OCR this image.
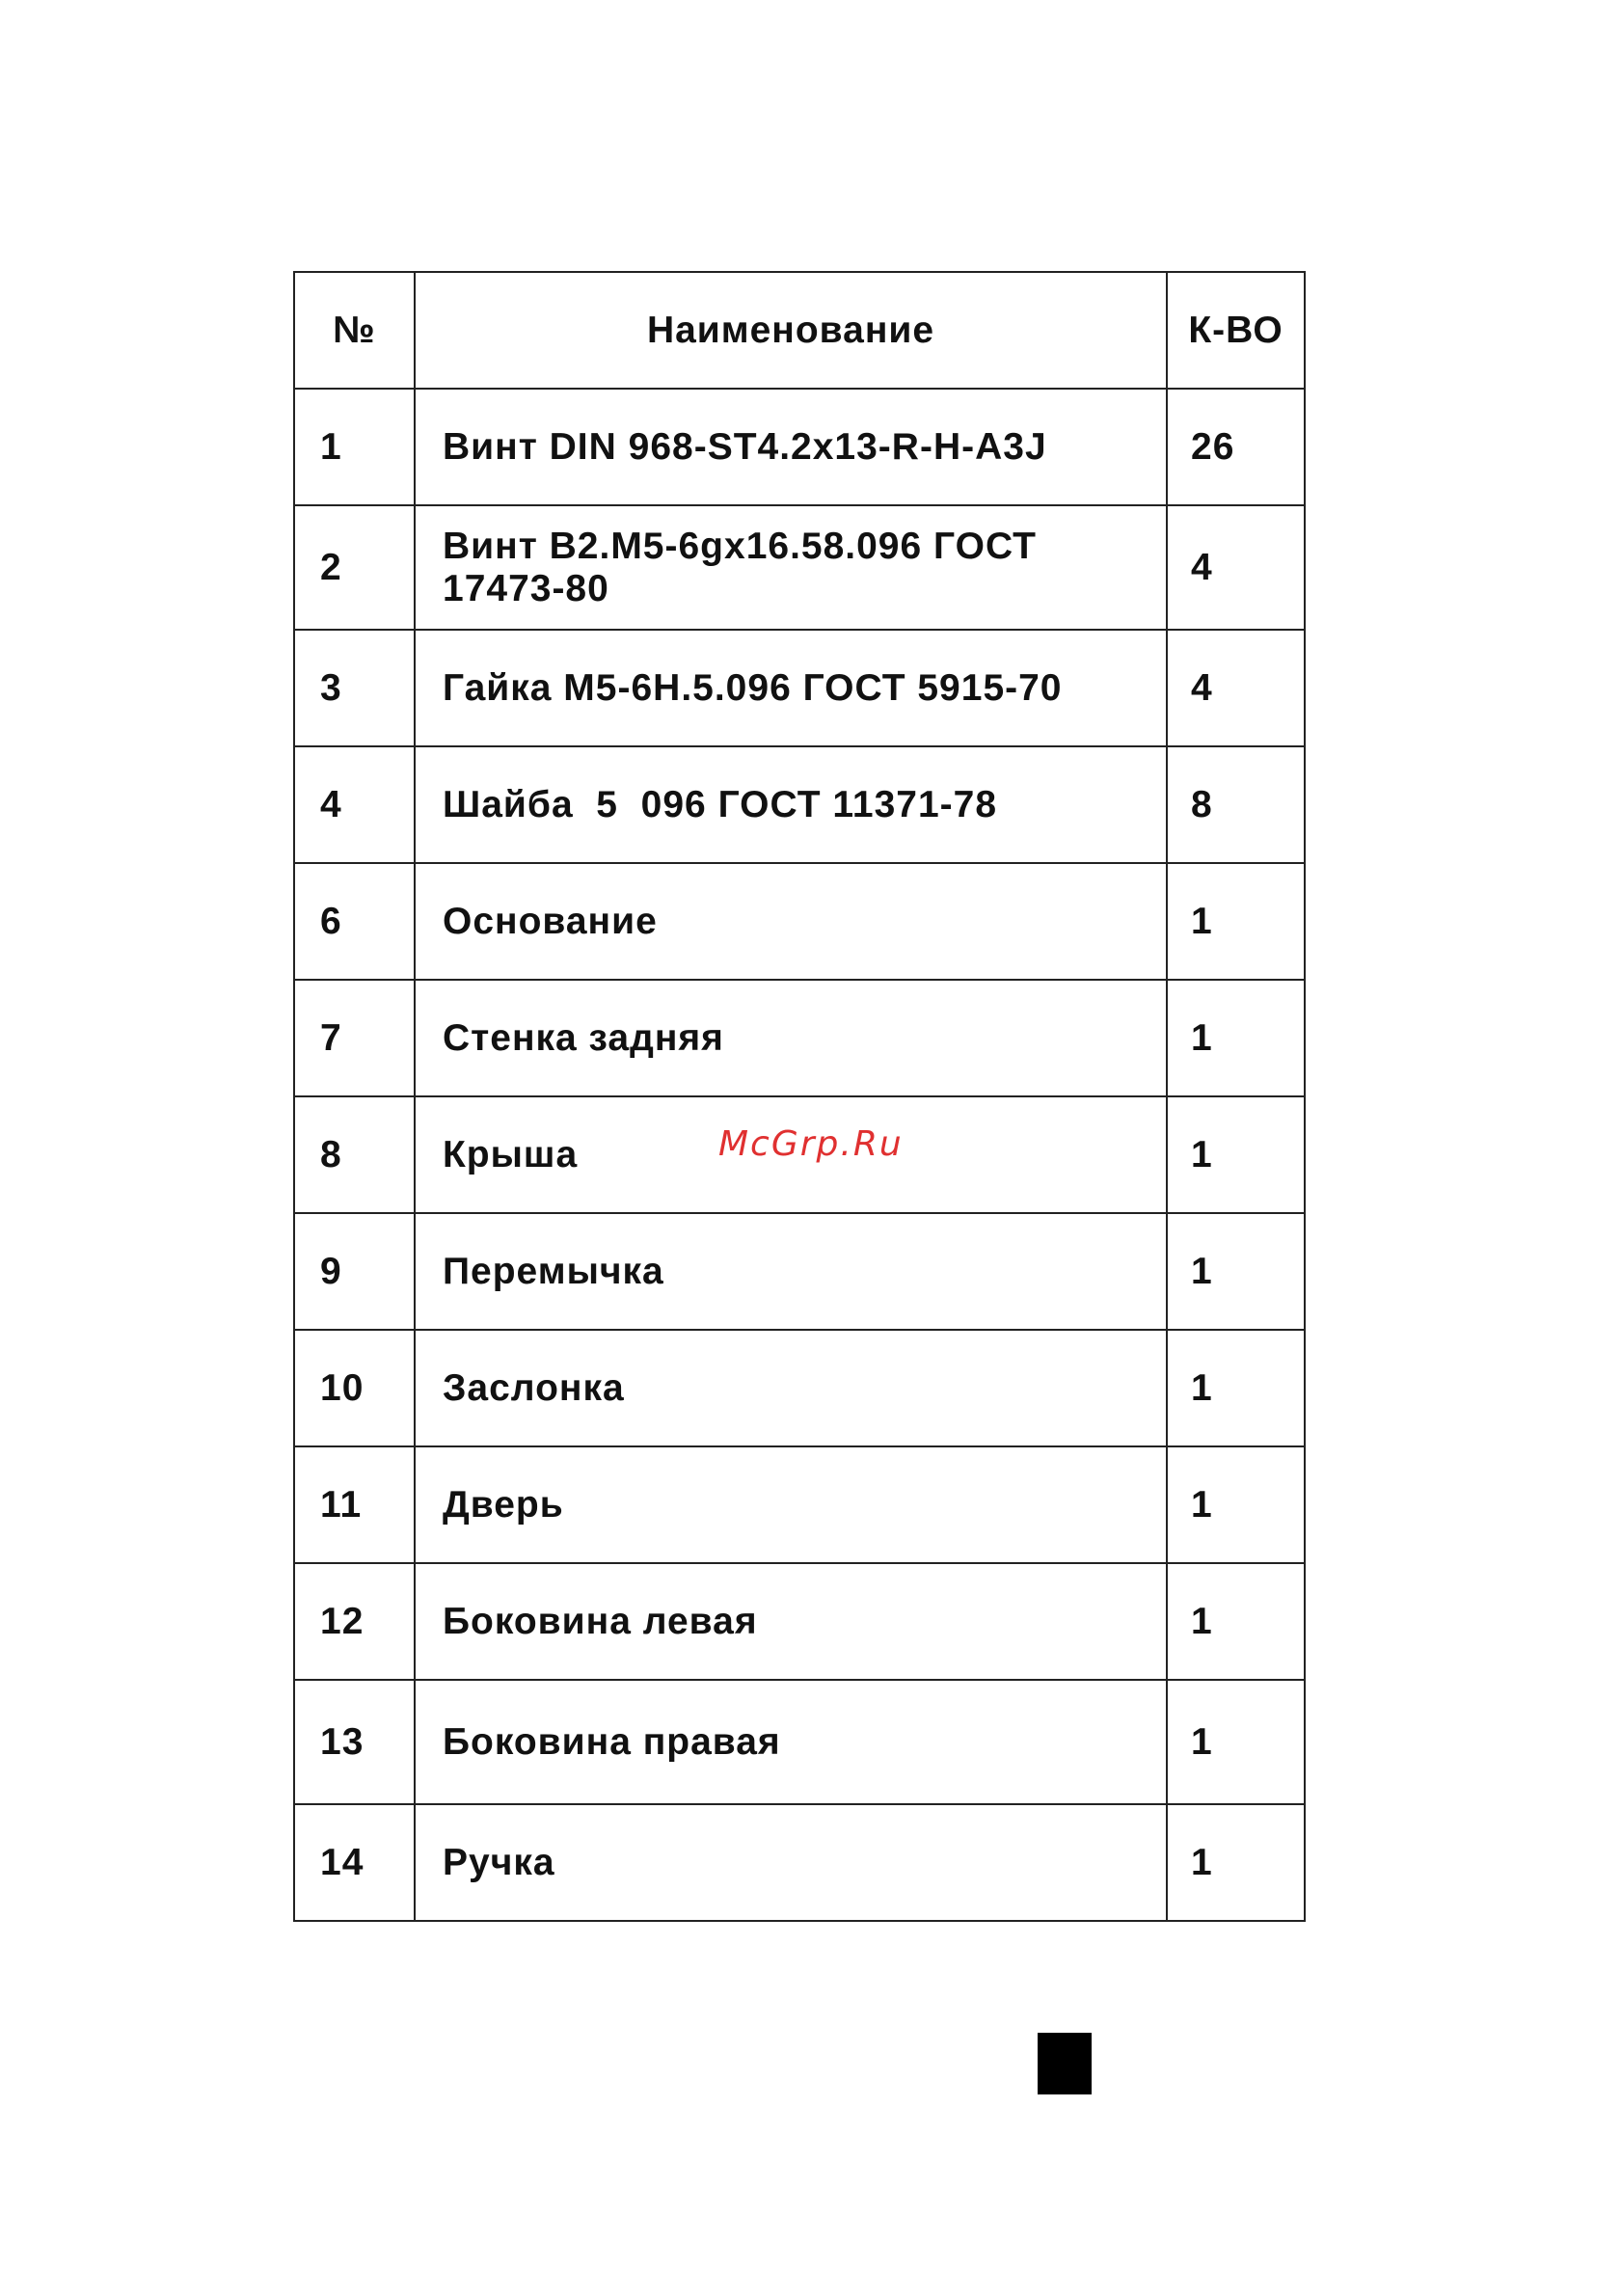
№	Наименование	К-ВО
1	Винт DIN 968-ST4.2x13-R-H-A3J	26
2	Винт В2.М5-6gx16.58.096 ГОСТ 17473-80	4
3	Гайка М5-6Н.5.096 ГОСТ 5915-70	4
4	Шайба  5  096 ГОСТ 11371-78	8
6	Основание	1
7	Стенка задняя	1
8	Крыша	1
9	Перемычка	1
10	Заслонка	1
11	Дверь	1
12	Боковина левая	1
13	Боковина правая	1
14	Ручка	1
McGrp.Ru
